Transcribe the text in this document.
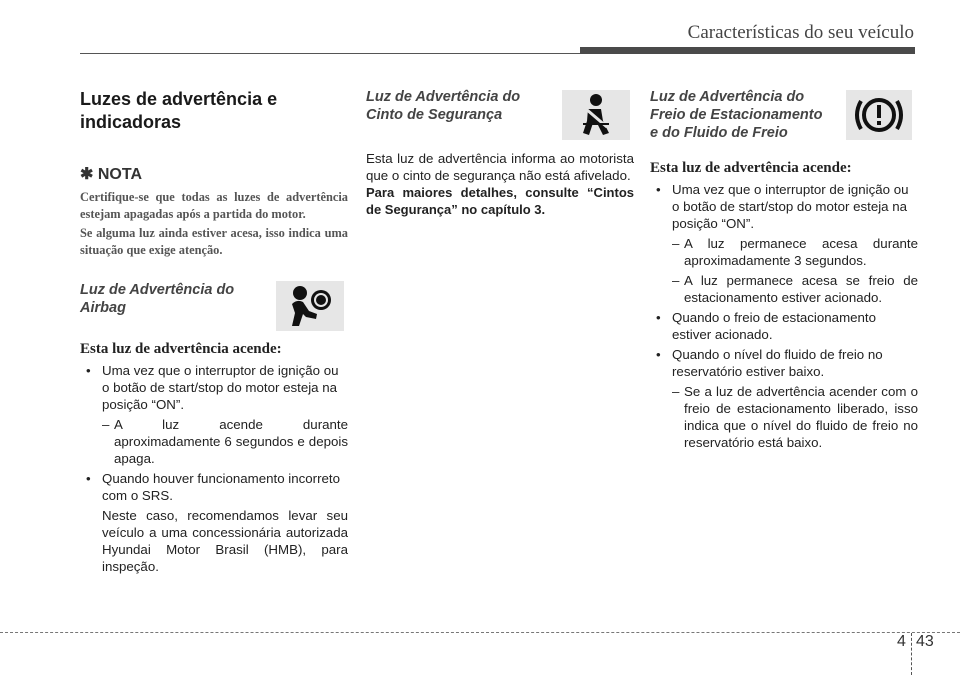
Características do seu veículo
Luzes de advertência e
indicadoras
✱ NOTA

Certifique-se que todas as luzes de advertência estejam apagadas após a partida do motor.

Se alguma luz ainda estiver acesa, isso indica uma situação que exige atenção.

Luz de Advertência do Airbag
Esta luz de advertência acende:
• Uma vez que o interruptor de ignição ou o botão de start/stop do motor esteja na posição “ON”.
– A luz acende durante aproximadamente 6 segundos e depois apaga.
• Quando houver funcionamento incorreto com o SRS.
Neste caso, recomendamos levar seu veículo a uma concessionária autorizada Hyundai Motor Brasil (HMB), para inspeção.
Luz de Advertência do Cinto de Segurança
Esta luz de advertência informa ao motorista que o cinto de segurança não está afivelado.
Para maiores detalhes, consulte “Cintos de Segurança” no capítulo 3.
Luz de Advertência do Freio de Estacionamento e do Fluido de Freio
Esta luz de advertência acende:
• Uma vez que o interruptor de ignição ou o botão de start/stop do motor esteja na posição “ON”.
– A luz permanece acesa durante aproximadamente 3 segundos.
– A luz permanece acesa se freio de estacionamento estiver acionado.
• Quando o freio de estacionamento estiver acionado.
• Quando o nível do fluido de freio no reservatório estiver baixo.
– Se a luz de advertência acender com o freio de estacionamento liberado, isso indica que o nível do fluido de freio no reservatório está baixo.
4 43
